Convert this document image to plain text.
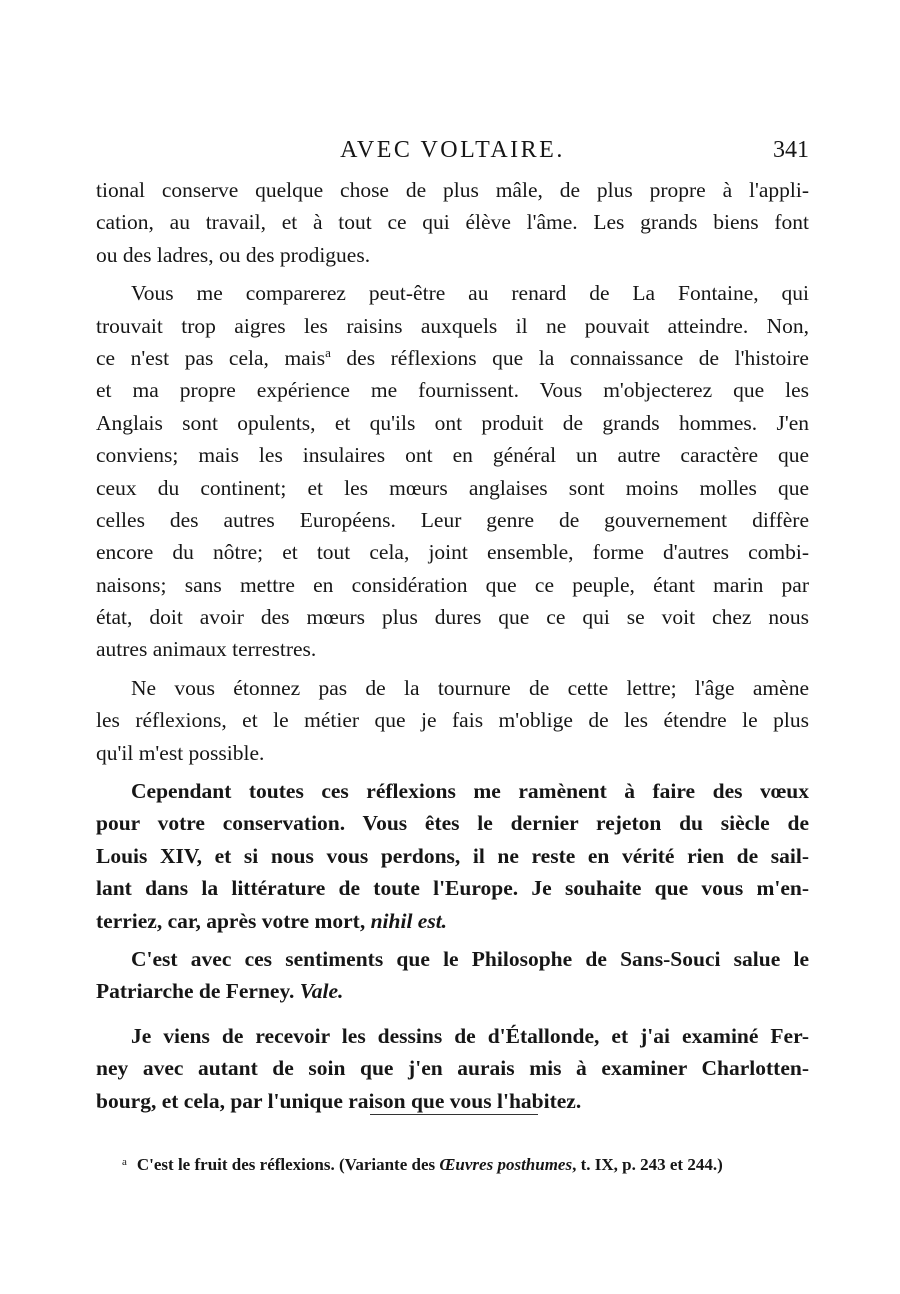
AVEC VOLTAIRE.	341
tional conserve quelque chose de plus mâle, de plus propre à l'appli-
cation, au travail, et à tout ce qui élève l'âme. Les grands biens font
ou des ladres, ou des prodigues.
Vous me comparerez peut-être au renard de La Fontaine, qui
trouvait trop aigres les raisins auxquels il ne pouvait atteindre. Non,
ce n'est pas cela, mais$^a$ des réflexions que la connaissance de l'histoire
et ma propre expérience me fournissent. Vous m'objecterez que les
Anglais sont opulents, et qu'ils ont produit de grands hommes. J'en
conviens; mais les insulaires ont en général un autre caractère que
ceux du continent; et les mœurs anglaises sont moins molles que
celles des autres Européens. Leur genre de gouvernement diffère
encore du nôtre; et tout cela, joint ensemble, forme d'autres combi-
naisons; sans mettre en considération que ce peuple, étant marin par
état, doit avoir des mœurs plus dures que ce qui se voit chez nous
autres animaux terrestres.
Ne vous étonnez pas de la tournure de cette lettre; l'âge amène
les réflexions, et le métier que je fais m'oblige de les étendre le plus
qu'il m'est possible.
Cependant toutes ces réflexions me ramènent à faire des vœux
pour votre conservation. Vous êtes le dernier rejeton du siècle de
Louis XIV, et si nous vous perdons, il ne reste en vérité rien de sail-
lant dans la littérature de toute l'Europe. Je souhaite que vous m'en-
terriez, car, après votre mort, nihil est.
C'est avec ces sentiments que le Philosophe de Sans-Souci salue le
Patriarche de Ferney. Vale.
Je viens de recevoir les dessins de d'Étallonde, et j'ai examiné Fer-
ney avec autant de soin que j'en aurais mis à examiner Charlotten-
bourg, et cela, par l'unique raison que vous l'habitez.
$^a$ C'est le fruit des réflexions. (Variante des Œuvres posthumes, t. IX, p. 243 et 244.)
